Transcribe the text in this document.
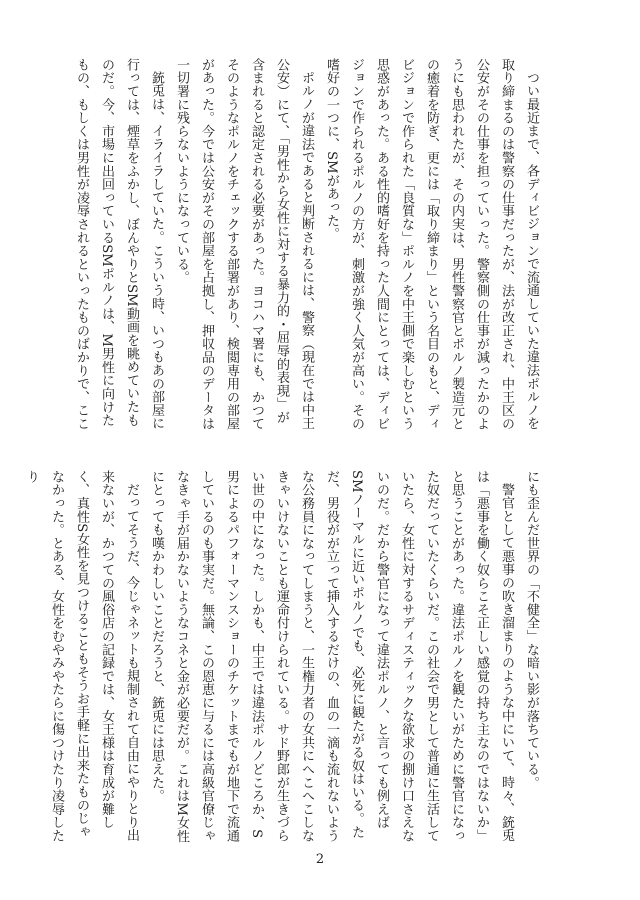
つい最近まで、各ディビジョンで流通していた違法ポルノを取り締まるのは警察の仕事だったが、法が改正され、中王区の公安がその仕事を担っていった。警察側の仕事が減ったかのようにも思われたが、その内実は、男性警察官とポルノ製造元との癒着を防ぎ、更には「取り締まり」という名目のもと、ディビジョンで作られた「良質な」ポルノを中王側で楽しむという思惑があった。ある性的嗜好を持った人間にとっては、ディビジョンで作られるポルノの方が、刺激が強く人気が高い。その嗜好の一つに、SMがあった。

ポルノが違法であると判断されるには、警察（現在では中王公安）にて、「男性から女性に対する暴力的・屈辱的表現」が含まれると認定される必要があった。ヨコハマ署にも、かつてそのようなポルノをチェックする部署があり、検閲専用の部屋があった。今では公安がその部屋を占拠し、押収品のデータは一切署に残らないようになっている。

銃兎は、イライラしていた。こういう時、いつもあの部屋に行っては、煙草をふかし、ぼんやりとSM動画を眺めていたものだ。今、市場に出回っているSMポルノは、M男性に向けたもの、もしくは男性が凌辱されるといったものばかりで、ここ

にも歪んだ世界の「不健全」な暗い影が落ちている。

警官として悪事の吹き溜まりのような中にいて、時々、銃兎は「悪事を働く奴らこそ正しい感覚の持ち主なのではないか」と思うことがあった。違法ポルノを観たいがために警官になった奴だっていたくらいだ。この社会で男として普通に生活していたら、女性に対するサディスティックな欲求の捌け口さえないのだ。だから警官になって違法ポルノ、と言っても例えばSMノーマルに近いポルノでも、必死に観たがる奴はいる。ただ、男役がが立って挿入するだけの、血の一滴も流れないような公務員になってしまうと、一生権力者の女共にへこへこしなきゃいけないことも運命付けられている。サド野郎が生きづらい世の中になった。しかも、中王では違法ポルノどころか、S男によるパフォーマンスショーのチケットまでもが地下で流通しているのも事実だ。無論、この恩恵に与るには高級官僚じゃなきゃ手が届かないようなコネと金が必要だが。これはM女性にとっても嘆かわしいことだろうと、銃兎には思えた。

だってそうだ、今じゃネットも規制されて自由にやりとり出来ないが、かつての風俗店の記録では、女王様は育成が難しく、真性S女性を見つけることもそうお手軽に出来たものじゃなかった。とある、女性をむやみやたらに傷つけたり凌辱したり

2
